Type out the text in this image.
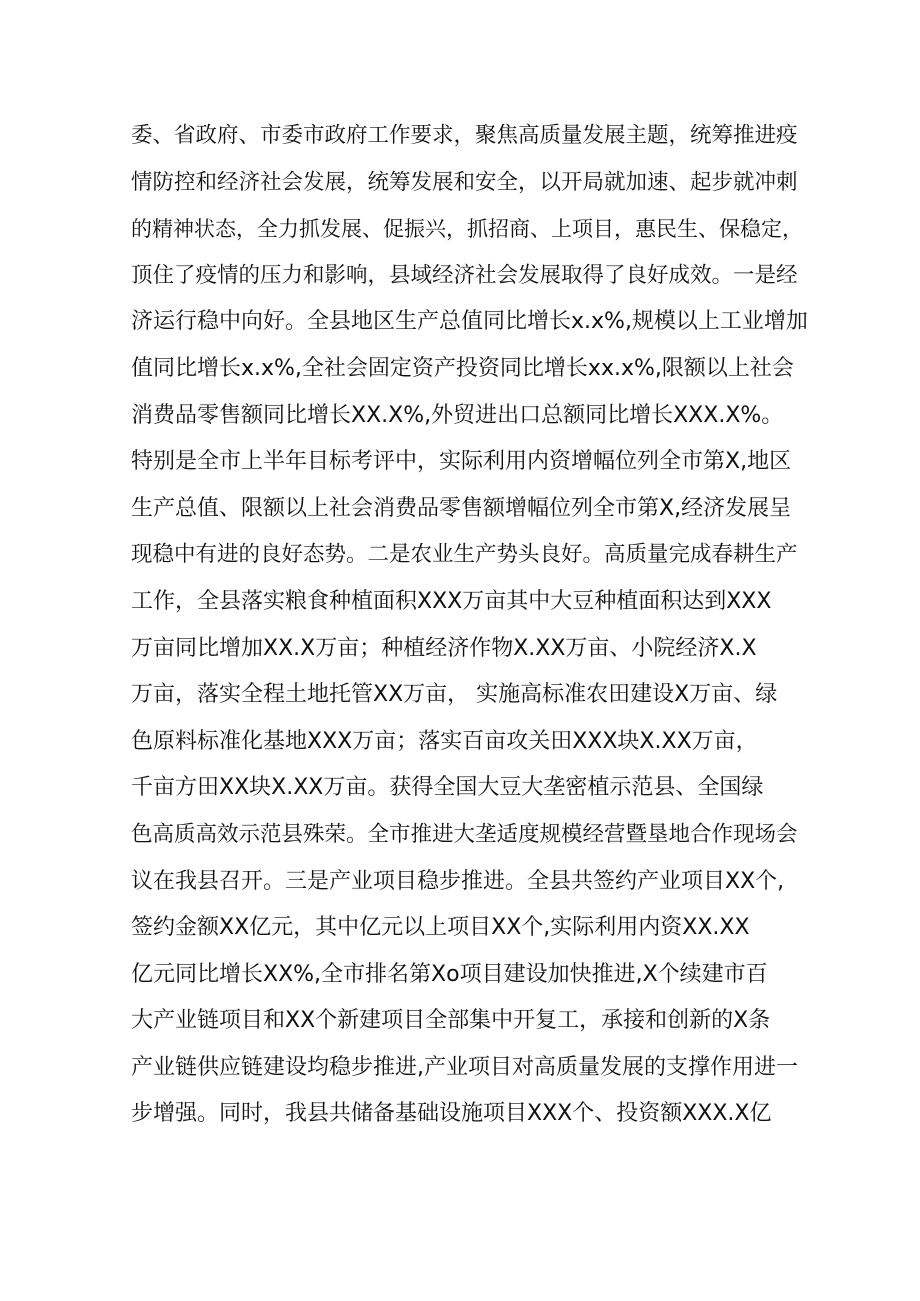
委、省政府、市委市政府工作要求，聚焦高质量发展主题，统筹推进疫
情防控和经济社会发展，统筹发展和安全，以开局就加速、起步就冲刺
的精神状态，全力抓发展、促振兴，抓招商、上项目，惠民生、保稳定，
顶住了疫情的压力和影响，县域经济社会发展取得了良好成效。一是经
济运行稳中向好。全县地区生产总值同比增长x.x%,规模以上工业增加
值同比增长x.x%,全社会固定资产投资同比增长xx.x%,限额以上社会
消费品零售额同比增长XX.X%,外贸进出口总额同比增长XXX.X%。
特别是全市上半年目标考评中，实际利用内资增幅位列全市第X,地区
生产总值、限额以上社会消费品零售额增幅位列全市第X,经济发展呈
现稳中有进的良好态势。二是农业生产势头良好。高质量完成春耕生产
工作，全县落实粮食种植面积XXX万亩其中大豆种植面积达到XXX
万亩同比增加XX.X万亩；种植经济作物X.XX万亩、小院经济X.X
万亩，落实全程土地托管XX万亩， 实施高标准农田建设X万亩、绿
色原料标准化基地XXX万亩；落实百亩攻关田XXX块X.XX万亩，
千亩方田XX块X.XX万亩。获得全国大豆大垄密植示范县、全国绿
色高质高效示范县殊荣。全市推进大垄适度规模经营暨垦地合作现场会
议在我县召开。三是产业项目稳步推进。全县共签约产业项目XX个,
签约金额XX亿元，其中亿元以上项目XX个,实际利用内资XX.XX
亿元同比增长XX%,全市排名第Xo项目建设加快推进,X个续建市百
大产业链项目和XX个新建项目全部集中开复工，承接和创新的X条
产业链供应链建设均稳步推进,产业项目对高质量发展的支撑作用进一
步增强。同时，我县共储备基础设施项目XXX个、投资额XXX.X亿
